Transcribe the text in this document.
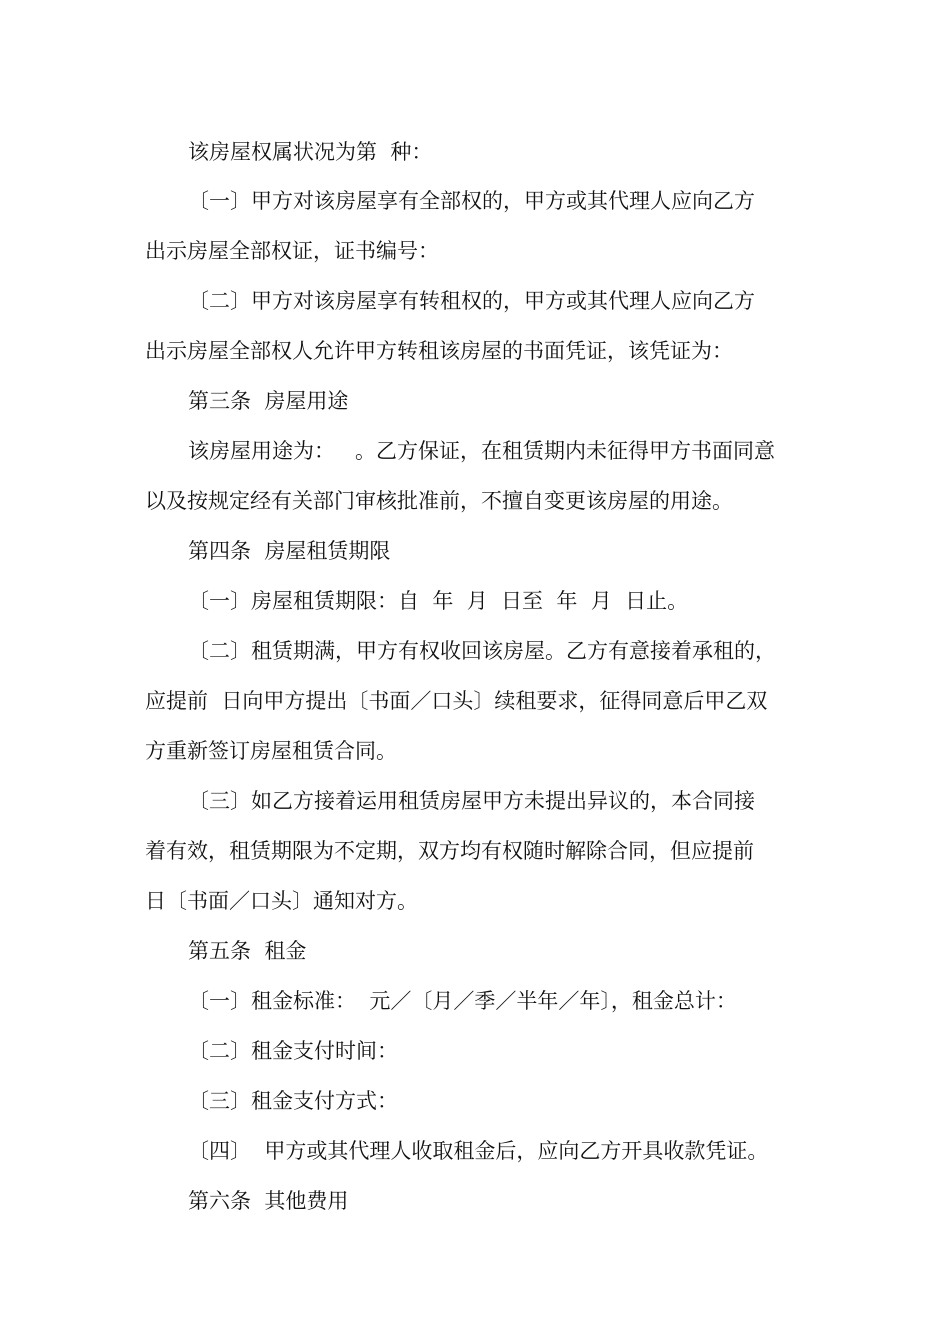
该房屋权属状况为第  种：
〔一〕甲方对该房屋享有全部权的，甲方或其代理人应向乙方
出示房屋全部权证，证书编号：
〔二〕甲方对该房屋享有转租权的，甲方或其代理人应向乙方
出示房屋全部权人允许甲方转租该房屋的书面凭证，该凭证为：
第三条  房屋用途
该房屋用途为：   。乙方保证，在租赁期内未征得甲方书面同意
以及按规定经有关部门审核批准前，不擅自变更该房屋的用途。
第四条  房屋租赁期限
〔一〕房屋租赁期限：自  年  月  日至  年  月  日止。
〔二〕租赁期满，甲方有权收回该房屋。乙方有意接着承租的，
应提前  日向甲方提出〔书面／口头〕续租要求，征得同意后甲乙双
方重新签订房屋租赁合同。
〔三〕如乙方接着运用租赁房屋甲方未提出异议的，本合同接
着有效，租赁期限为不定期，双方均有权随时解除合同，但应提前
日〔书面／口头〕通知对方。
第五条  租金
〔一〕租金标准：  元／〔月／季／半年／年〕，租金总计：
〔二〕租金支付时间：
〔三〕租金支付方式：
〔四〕  甲方或其代理人收取租金后，应向乙方开具收款凭证。
第六条  其他费用
